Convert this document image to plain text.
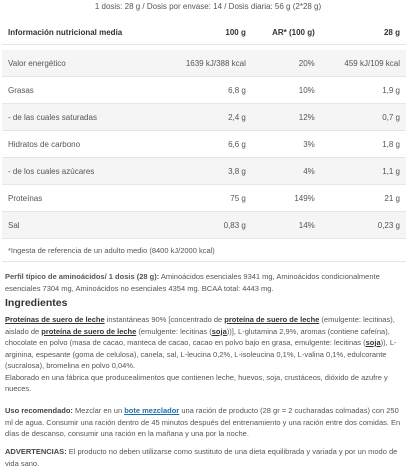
1 dosis: 28 g / Dosis por envase: 14 / Dosis diaria: 56 g (2*28 g)
Información nutricional media	100 g	AR* (100 g)	28 g

Valor energético	1639 kJ/388 kcal	20%	459 kJ/109 kcal
Grasas	6,8 g	10%	1,9 g
- de las cuales saturadas	2,4 g	12%	0,7 g
Hidratos de carbono	6,6 g	3%	1,8 g
- de los cuales azúcares	3,8 g	4%	1,1 g
Proteínas	75 g	149%	21 g
Sal	0,83 g	14%	0,23 g
*Ingesta de referencia de un adulto medio (8400 kJ/2000 kcal)			
Perfil típico de aminoácidos/ 1 dosis (28 g): Aminoácidos esenciales 9341 mg, Aminoácidos condicionalmente esenciales 7304 mg, Aminoácidos no esenciales 4354 mg. BCAA total: 4443 mg.
Ingredientes
Proteínas de suero de leche instantáneas 90% [concentrado de proteína de suero de leche (emulgente: lecitinas), aislado de proteína de suero de leche (emulgente: lecitinas (soja))], L-glutamina 2,9%, aromas (contiene cafeína), chocolate en polvo (masa de cacao, manteca de cacao, cacao en polvo bajo en grasa, emulgente: lecitinas (soja)), L-arginina, espesante (goma de celulosa), canela, sal, L-leucina 0,2%, L-isoleucina 0,1%, L-valina 0,1%, edulcorante (sucralosa), bromelina en polvo 0,04%.
Elaborado en una fábrica que producealimentos que contienen leche, huevos, soja, crustáceos, dióxido de azufre y nueces.
Uso recomendado: Mezclar en un bote mezclador una ración de producto (28 gr = 2 cucharadas colmadas) con 250 ml de agua. Consumir una ración dentro de 45 minutos después del entrenamiento y una ración entre dos comidas. En días de descanso, consumir una ración en la mañana y una por la noche.
ADVERTENCIAS: El producto no deben utilizarse como sustituto de una dieta equilibrada y variada y por un modo de vida sano.
